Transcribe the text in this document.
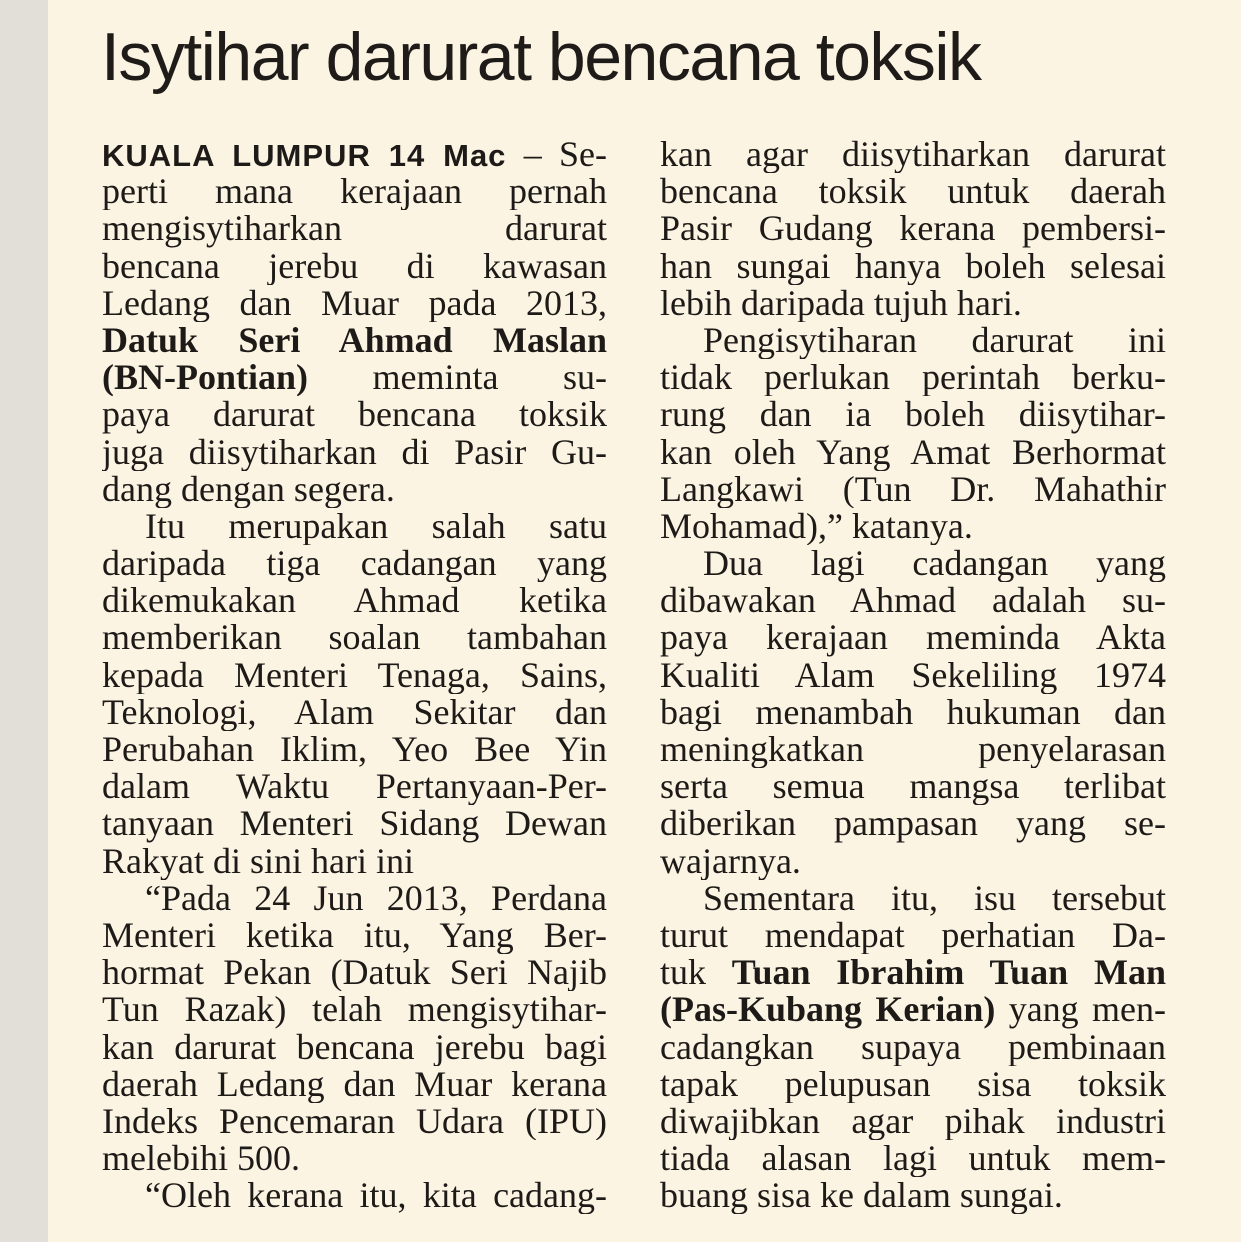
Isytihar darurat bencana toksik
KUALA LUMPUR 14 Mac – Se-
perti mana kerajaan pernah
mengisytiharkan darurat
bencana jerebu di kawasan
Ledang dan Muar pada 2013,
Datuk Seri Ahmad Maslan
(BN-Pontian) meminta su-
paya darurat bencana toksik
juga diisytiharkan di Pasir Gu-
dang dengan segera.
Itu merupakan salah satu
daripada tiga cadangan yang
dikemukakan Ahmad ketika
memberikan soalan tambahan
kepada Menteri Tenaga, Sains,
Teknologi, Alam Sekitar dan
Perubahan Iklim, Yeo Bee Yin
dalam Waktu Pertanyaan-Per-
tanyaan Menteri Sidang Dewan
Rakyat di sini hari ini
“Pada 24 Jun 2013, Perdana
Menteri ketika itu, Yang Ber-
hormat Pekan (Datuk Seri Najib
Tun Razak) telah mengisytihar-
kan darurat bencana jerebu bagi
daerah Ledang dan Muar kerana
Indeks Pencemaran Udara (IPU)
melebihi 500.
“Oleh kerana itu, kita cadang-
kan agar diisytiharkan darurat
bencana toksik untuk daerah
Pasir Gudang kerana pembersi-
han sungai hanya boleh selesai
lebih daripada tujuh hari.
Pengisytiharan darurat ini
tidak perlukan perintah berku-
rung dan ia boleh diisytihar-
kan oleh Yang Amat Berhormat
Langkawi (Tun Dr. Mahathir
Mohamad),” katanya.
Dua lagi cadangan yang
dibawakan Ahmad adalah su-
paya kerajaan meminda Akta
Kualiti Alam Sekeliling 1974
bagi menambah hukuman dan
meningkatkan penyelarasan
serta semua mangsa terlibat
diberikan pampasan yang se-
wajarnya.
Sementara itu, isu tersebut
turut mendapat perhatian Da-
tuk Tuan Ibrahim Tuan Man
(Pas-Kubang Kerian) yang men-
cadangkan supaya pembinaan
tapak pelupusan sisa toksik
diwajibkan agar pihak industri
tiada alasan lagi untuk mem-
buang sisa ke dalam sungai.
